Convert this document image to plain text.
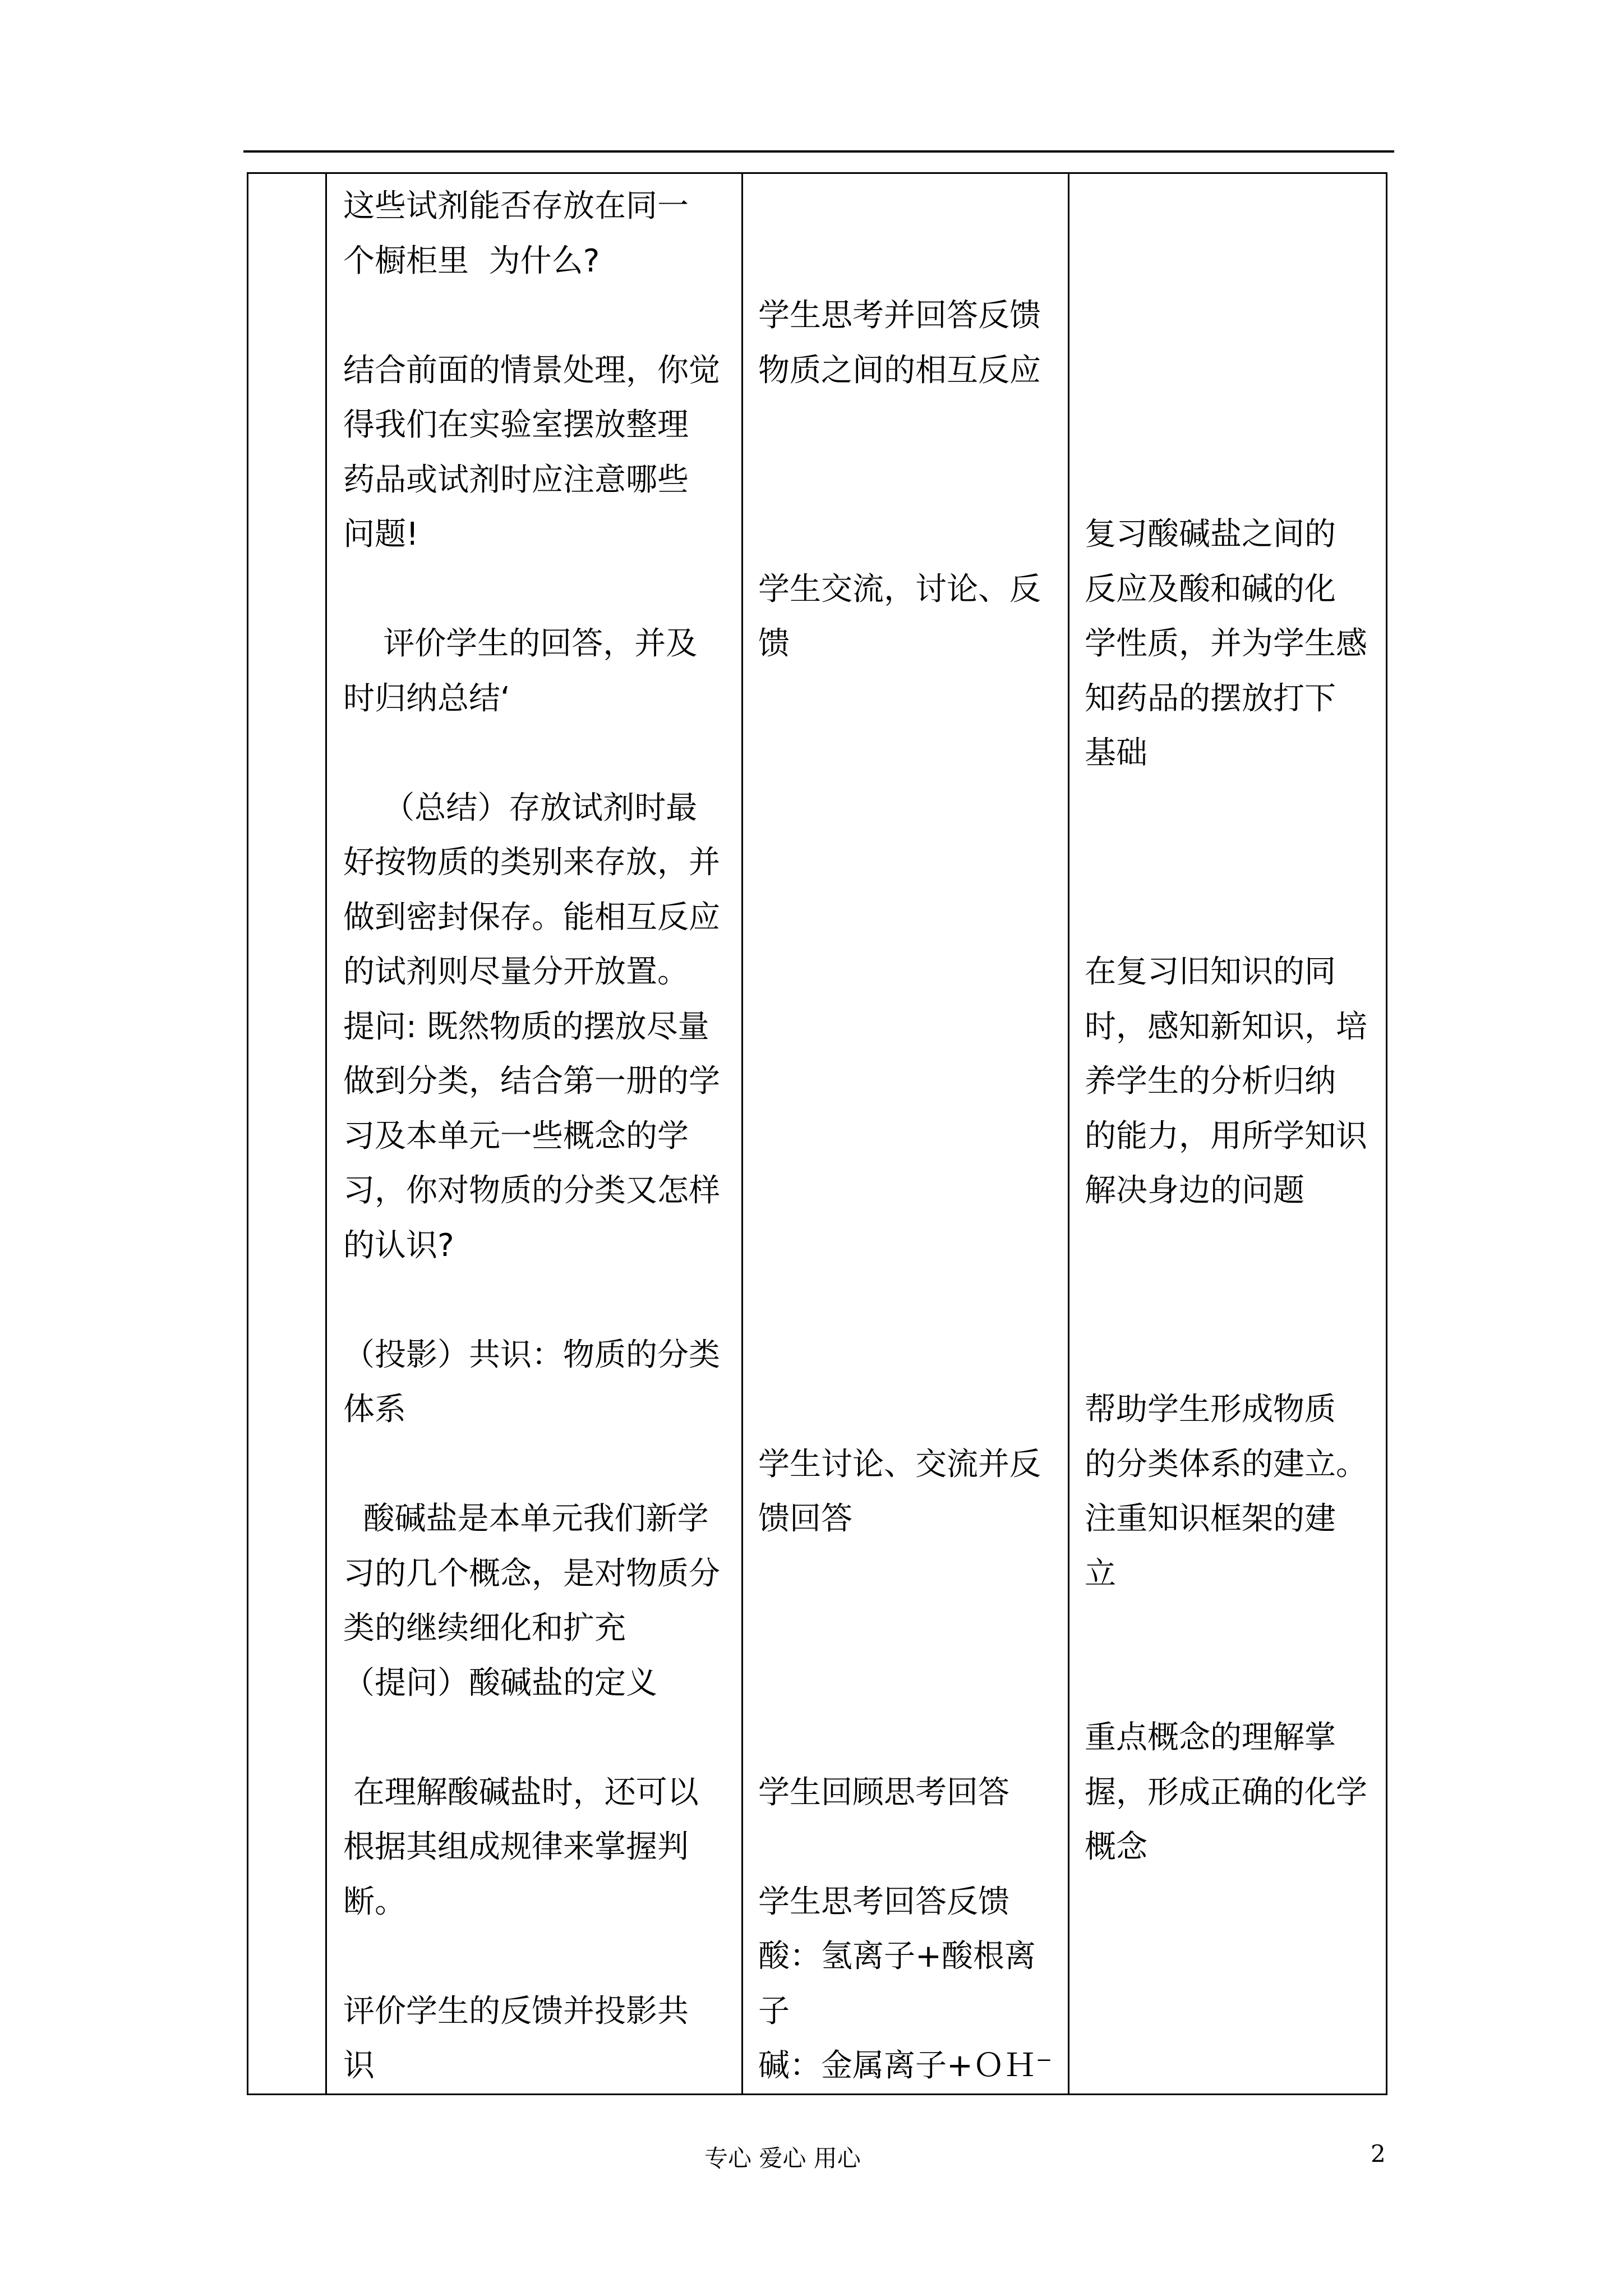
这些试剂能否存放在同一
个橱柜里  为什么?
结合前面的情景处理，你觉
得我们在实验室摆放整理
药品或试剂时应注意哪些
问题!
评价学生的回答，并及
时归纳总结‘
（总结）存放试剂时最
好按物质的类别来存放，并
做到密封保存。能相互反应
的试剂则尽量分开放置。
提问: 既然物质的摆放尽量
做到分类，结合第一册的学
习及本单元一些概念的学
习，你对物质的分类又怎样
的认识?
（投影）共识：物质的分类
体系
酸碱盐是本单元我们新学
习的几个概念，是对物质分
类的继续细化和扩充
（提问）酸碱盐的定义
在理解酸碱盐时，还可以
根据其组成规律来掌握判
断。
评价学生的反馈并投影共
识
学生思考并回答反馈
物质之间的相互反应
学生交流，讨论、反
馈
学生讨论、交流并反
馈回答
学生回顾思考回答
学生思考回答反馈
酸：氢离子+酸根离
子
碱：金属离子+ＯＨ⁻
复习酸碱盐之间的
反应及酸和碱的化
学性质，并为学生感
知药品的摆放打下
基础
在复习旧知识的同
时，感知新知识，培
养学生的分析归纳
的能力，用所学知识
解决身边的问题
帮助学生形成物质
的分类体系的建立。
注重知识框架的建
立
重点概念的理解掌
握，形成正确的化学
概念
专心 爱心 用心	2
